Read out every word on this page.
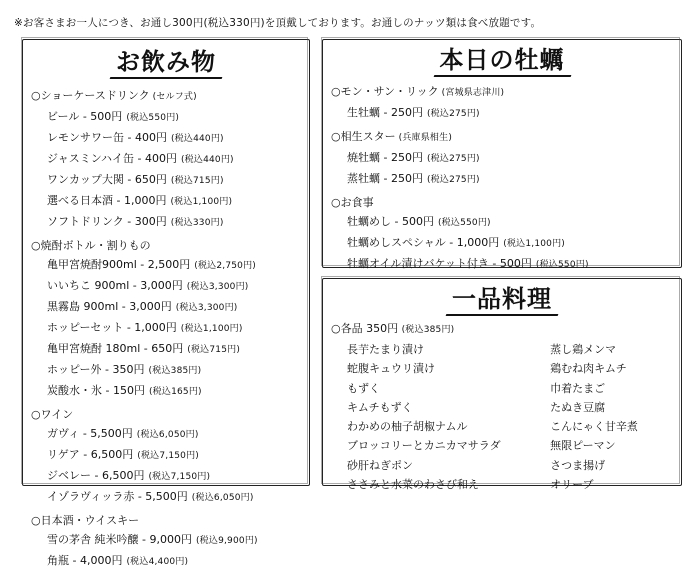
※お客さまお一人につき、お通し300円(税込330円)を頂戴しております。お通しのナッツ類は食べ放題です。
お飲み物
○ショーケースドリンク (セルフ式)
ビール - 500円 (税込550円)
レモンサワー缶 - 400円 (税込440円)
ジャスミンハイ缶 - 400円 (税込440円)
ワンカップ大関 - 650円 (税込715円)
選べる日本酒 - 1,000円 (税込1,100円)
ソフトドリンク - 300円 (税込330円)
○焼酎ボトル・割りもの
亀甲宮焼酎900ml - 2,500円 (税込2,750円)
いいちこ 900ml - 3,000円 (税込3,300円)
黒霧島 900ml - 3,000円 (税込3,300円)
ホッピーセット - 1,000円 (税込1,100円)
亀甲宮焼酎 180ml - 650円 (税込715円)
ホッピー外 - 350円 (税込385円)
炭酸水・氷 - 150円 (税込165円)
○ワイン
ガヴィ - 5,500円 (税込6,050円)
リゲア - 6,500円 (税込7,150円)
ジベレー - 6,500円 (税込7,150円)
イゾラヴィッラ赤 - 5,500円 (税込6,050円)
○日本酒・ウイスキー
雪の茅舎 純米吟醸 - 9,000円 (税込9,900円)
角瓶 - 4,000円 (税込4,400円)
本日の牡蠣
○モン・サン・リック (宮城県志津川)
生牡蠣 - 250円 (税込275円)
○相生スター (兵庫県相生)
焼牡蠣 - 250円 (税込275円)
蒸牡蠣 - 250円 (税込275円)
○お食事
牡蠣めし - 500円 (税込550円)
牡蠣めしスペシャル - 1,000円 (税込1,100円)
牡蠣オイル漬けバケット付き - 500円 (税込550円)
一品料理
○各品 350円 (税込385円)
長芋たまり漬け
蛇腹キュウリ漬け
もずく
キムチもずく
わかめの柚子胡椒ナムル
ブロッコリーとカニカマサラダ
砂肝ねぎポン
ささみと水菜のわさび和え
蒸し鶏メンマ
鶏むね肉キムチ
巾着たまご
たぬき豆腐
こんにゃく甘辛煮
無限ピーマン
さつま揚げ
オリーブ
